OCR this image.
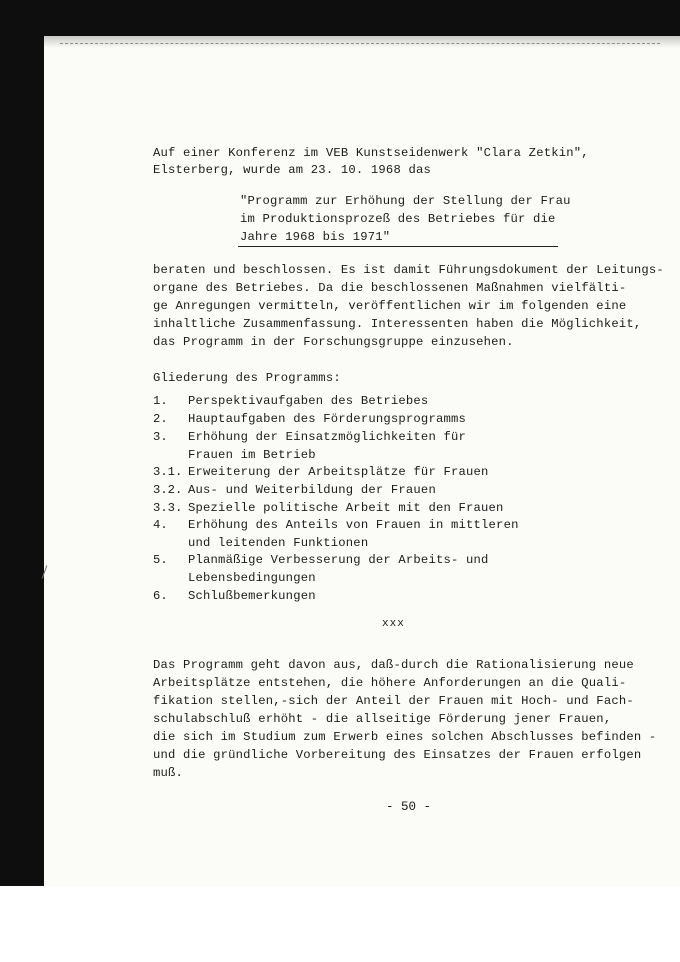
Auf einer Konferenz im VEB Kunstseidenwerk "Clara Zetkin",
Elsterberg, wurde am 23. 10. 1968 das
"Programm zur Erhöhung der Stellung der Frau
im Produktionsprozeß des Betriebes für die
Jahre 1968 bis 1971"
beraten und beschlossen. Es ist damit Führungsdokument der Leitungs-
organe des Betriebes. Da die beschlossenen Maßnahmen vielfälti-
ge Anregungen vermitteln, veröffentlichen wir im folgenden eine
inhaltliche Zusammenfassung. Interessenten haben die Möglichkeit,
das Programm in der Forschungsgruppe einzusehen.
Gliederung des Programms:
1. Perspektivaufgaben des Betriebes
2. Hauptaufgaben des Förderungsprogramms
3. Erhöhung der Einsatzmöglichkeiten für
Frauen im Betrieb
3.1. Erweiterung der Arbeitsplätze für Frauen
3.2. Aus- und Weiterbildung der Frauen
3.3. Spezielle politische Arbeit mit den Frauen
4. Erhöhung des Anteils von Frauen in mittleren
und leitenden Funktionen
5. Planmäßige Verbesserung der Arbeits- und
Lebensbedingungen
6. Schlußbemerkungen
xxx
Das Programm geht davon aus, daß-durch die Rationalisierung neue
Arbeitsplätze entstehen, die höhere Anforderungen an die Quali-
fikation stellen,-sich der Anteil der Frauen mit Hoch- und Fach-
schulabschluß erhöht - die allseitige Förderung jener Frauen,
die sich im Studium zum Erwerb eines solchen Abschlusses befinden -
und die gründliche Vorbereitung des Einsatzes der Frauen erfolgen
muß.
- 50 -
